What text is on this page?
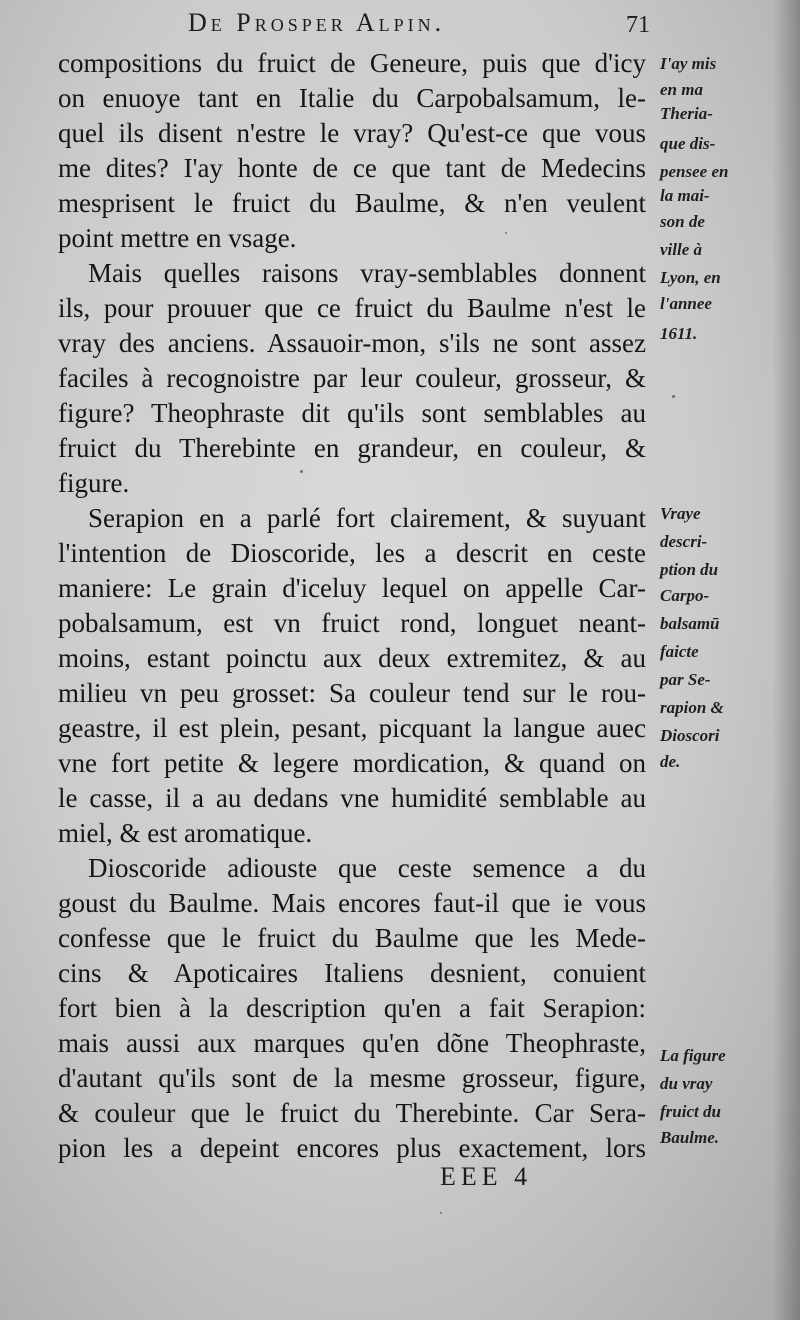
De Prosper Alpin.	71
compositions du fruict de Geneure, puis que d'icy
on enuoye tant en Italie du Carpobalsamum, le-
quel ils disent n'estre le vray? Qu'est-ce que vous
me dites? I'ay honte de ce que tant de Medecins
mesprisent le fruict du Baulme, & n'en veulent
point mettre en vsage.
Mais quelles raisons vray-semblables donnent
ils, pour prouuer que ce fruict du Baulme n'est le
vray des anciens. Assauoir-mon, s'ils ne sont assez
faciles à recognoistre par leur couleur, grosseur, &
figure? Theophraste dit qu'ils sont semblables au
fruict du Therebinte en grandeur, en couleur, &
figure.
Serapion en a parlé fort clairement, & suyuant
l'intention de Dioscoride, les a descrit en ceste
maniere: Le grain d'iceluy lequel on appelle Car-
pobalsamum, est vn fruict rond, longuet neant-
moins, estant poinctu aux deux extremitez, & au
milieu vn peu grosset: Sa couleur tend sur le rou-
geastre, il est plein, pesant, picquant la langue auec
vne fort petite & legere mordication, & quand on
le casse, il a au dedans vne humidité semblable au
miel, & est aromatique.
Dioscoride adiouste que ceste semence a du
goust du Baulme. Mais encores faut-il que ie vous
confesse que le fruict du Baulme que les Mede-
cins & Apoticaires Italiens desnient, conuient
fort bien à la description qu'en a fait Serapion:
mais aussi aux marques qu'en dõne Theophraste,
d'autant qu'ils sont de la mesme grosseur, figure,
& couleur que le fruict du Therebinte. Car Sera-
pion les a depeint encores plus exactement, lors
I'ay mis
en ma
Theria-
que dis-
pensee en
la mai-
son de
ville à
Lyon, en
l'annee
1611.
Vraye
descri-
ption du
Carpo-
balsamū
faicte
par Se-
rapion &
Dioscori
de.
La figure
du vray
fruict du
Baulme.
EEE 4
